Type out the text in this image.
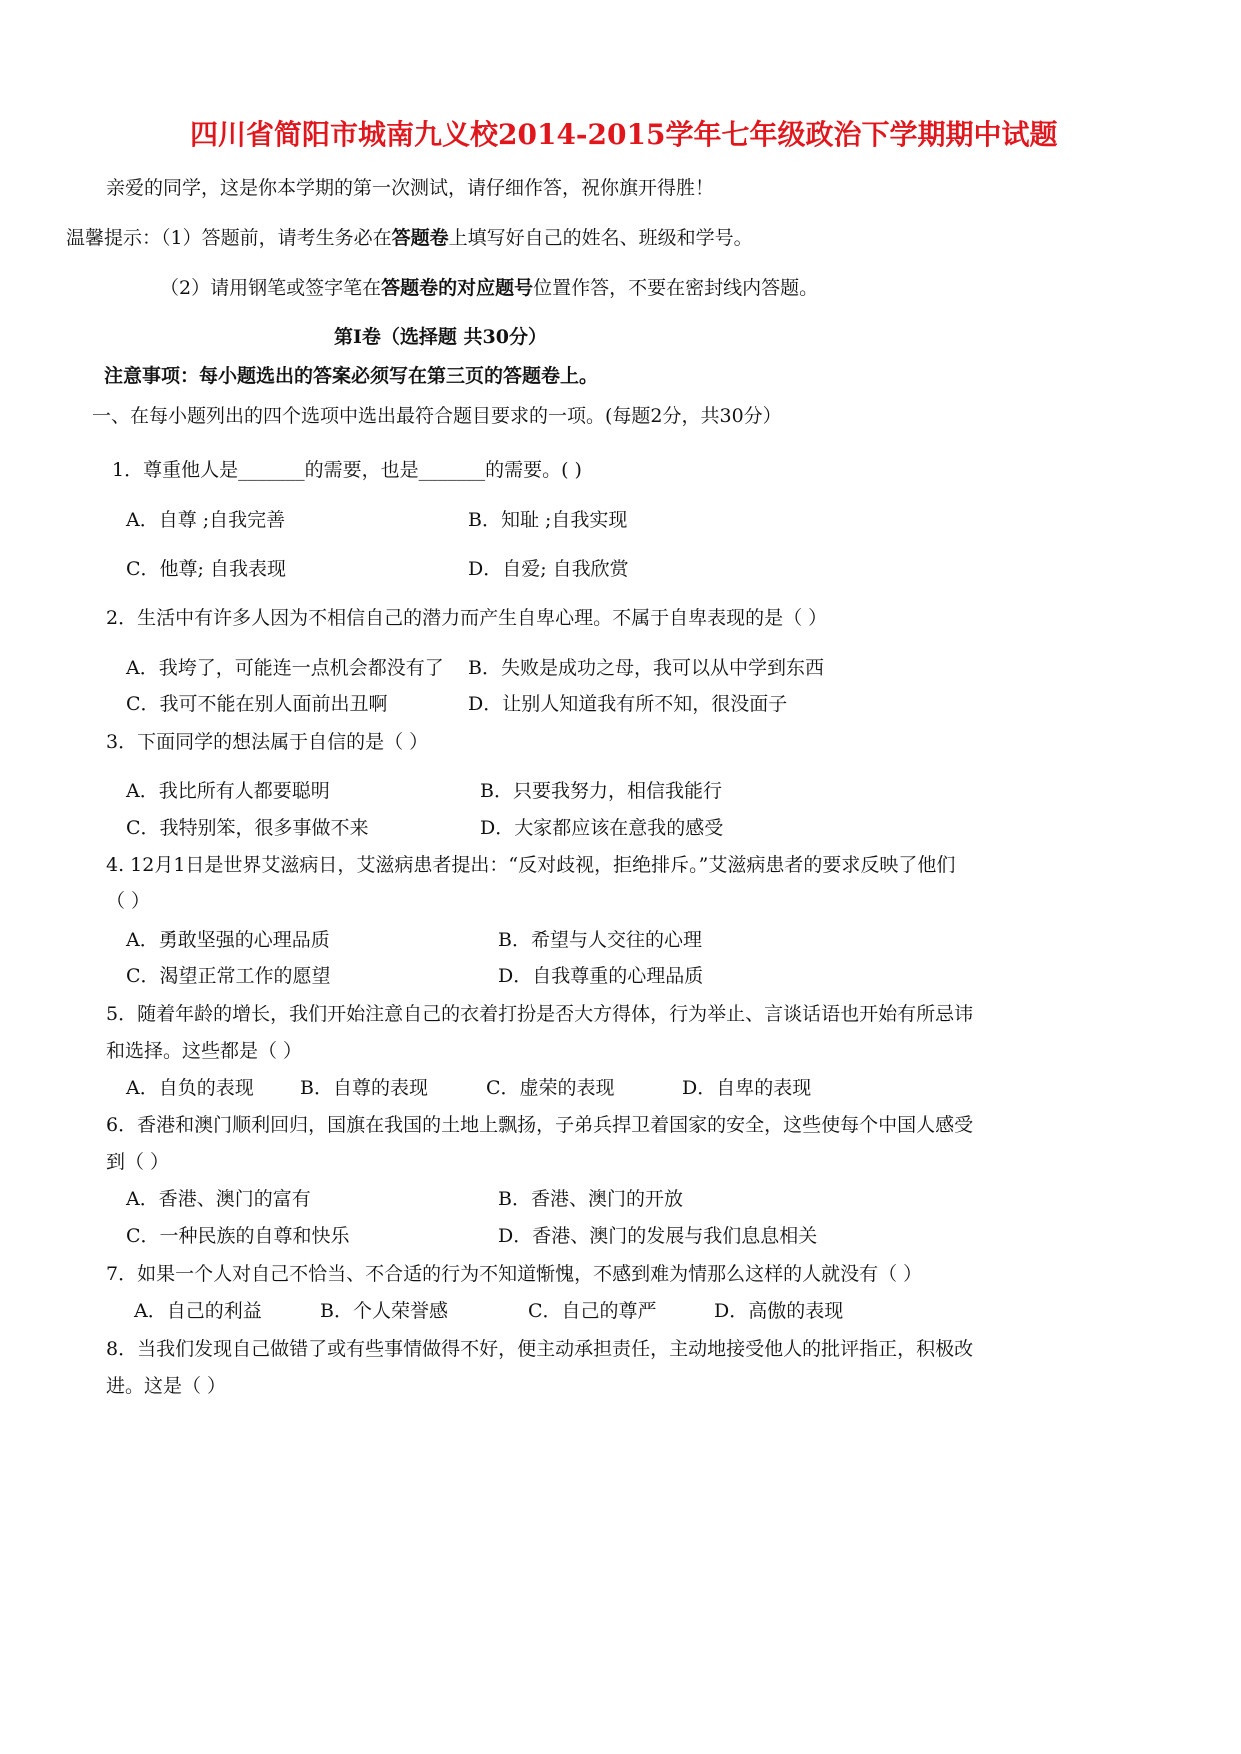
四川省简阳市城南九义校2014-2015学年七年级政治下学期期中试题
亲爱的同学，这是你本学期的第一次测试，请仔细作答，祝你旗开得胜！
温馨提示：（1）答题前，请考生务必在答题卷上填写好自己的姓名、班级和学号。
（2）请用钢笔或签字笔在答题卷的对应题号位置作答，不要在密封线内答题。
第Ⅰ卷（选择题 共30分）
注意事项：每小题选出的答案必须写在第三页的答题卷上。
一、在每小题列出的四个选项中选出最符合题目要求的一项。(每题2分，共30分）
1．尊重他人是_______的需要，也是_______的需要。( )
A．自尊 ;自我完善	B．知耻 ;自我实现
C．他尊; 自我表现	D．自爱; 自我欣赏
2．生活中有许多人因为不相信自己的潜力而产生自卑心理。不属于自卑表现的是（ ）
A．我垮了，可能连一点机会都没有了 B．失败是成功之母，我可以从中学到东西
C．我可不能在别人面前出丑啊	D．让别人知道我有所不知，很没面子
3．下面同学的想法属于自信的是（ ）
A．我比所有人都要聪明	B．只要我努力，相信我能行
C．我特别笨，很多事做不来	D．大家都应该在意我的感受
4. 12月1日是世界艾滋病日，艾滋病患者提出：“反对歧视，拒绝排斥。”艾滋病患者的要求反映了他们
（ ）
A．勇敢坚强的心理品质	B．希望与人交往的心理
C．渴望正常工作的愿望	D．自我尊重的心理品质
5．随着年龄的增长，我们开始注意自己的衣着打扮是否大方得体，行为举止、言谈话语也开始有所忌讳
和选择。这些都是（ ）
A．自负的表现 B．自尊的表现	C．虚荣的表现	D．自卑的表现
6．香港和澳门顺利回归，国旗在我国的土地上飘扬，子弟兵捍卫着国家的安全，这些使每个中国人感受
到（ ）
A．香港、澳门的富有	B．香港、澳门的开放
C．一种民族的自尊和快乐	D．香港、澳门的发展与我们息息相关
7．如果一个人对自己不恰当、不合适的行为不知道惭愧，不感到难为情那么这样的人就没有（ ）
A．自己的利益	B．个人荣誉感	C．自己的尊严	D．高傲的表现
8．当我们发现自己做错了或有些事情做得不好，便主动承担责任，主动地接受他人的批评指正，积极改
进。这是（ ）
